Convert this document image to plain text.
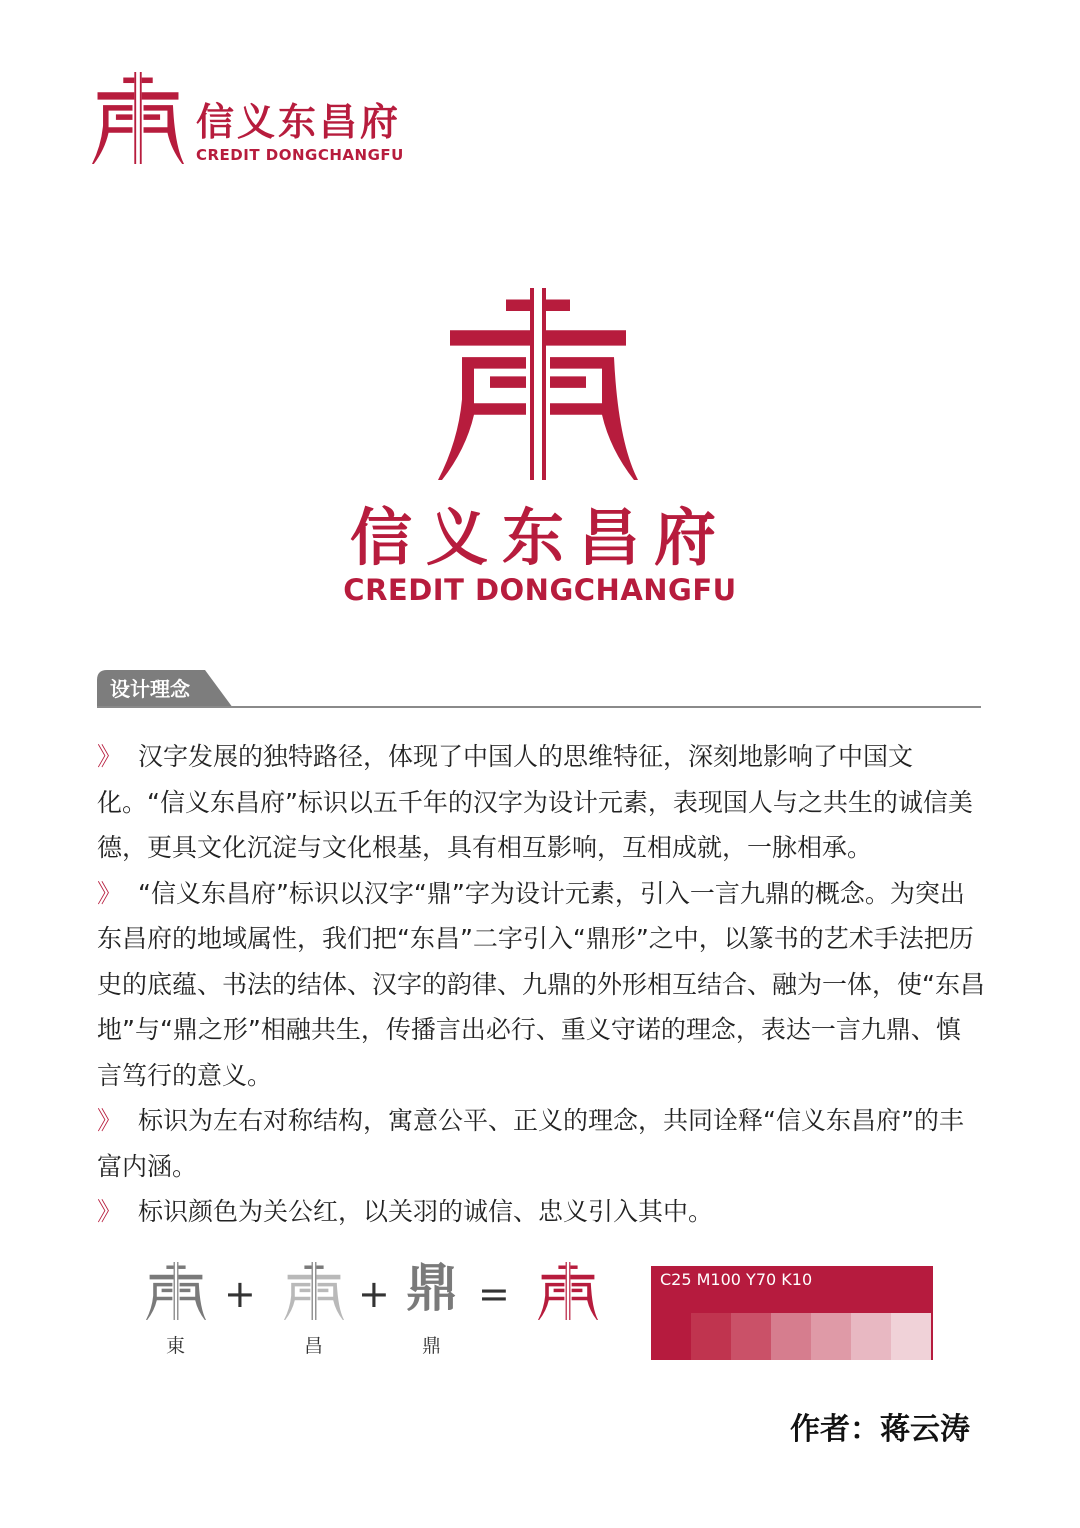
信义东昌府
CREDIT DONGCHANGFU
信义东昌府
CREDIT DONGCHANGFU
设计理念

》 汉字发展的独特路径，体现了中国人的思维特征，深刻地影响了中国文化。“信义东昌府”标识以五千年的汉字为设计元素，表现国人与之共生的诚信美德，更具文化沉淀与文化根基，具有相互影响，互相成就，一脉相承。

》 “信义东昌府”标识以汉字“鼎”字为设计元素，引入一言九鼎的概念。为突出东昌府的地域属性，我们把“东昌”二字引入“鼎形”之中，以篆书的艺术手法把历史的底蕴、书法的结体、汉字的韵律、九鼎的外形相互结合、融为一体，使“东昌地”与“鼎之形”相融共生，传播言出必行、重义守诺的理念，表达一言九鼎、慎言笃行的意义。

》 标识为左右对称结构，寓意公平、正义的理念，共同诠释“信义东昌府”的丰富内涵。

》 标识颜色为关公红，以关羽的诚信、忠义引入其中。

+	+ 鼎 =
東	昌	鼎
C25 M100 Y70 K10
作者：蒋云涛
